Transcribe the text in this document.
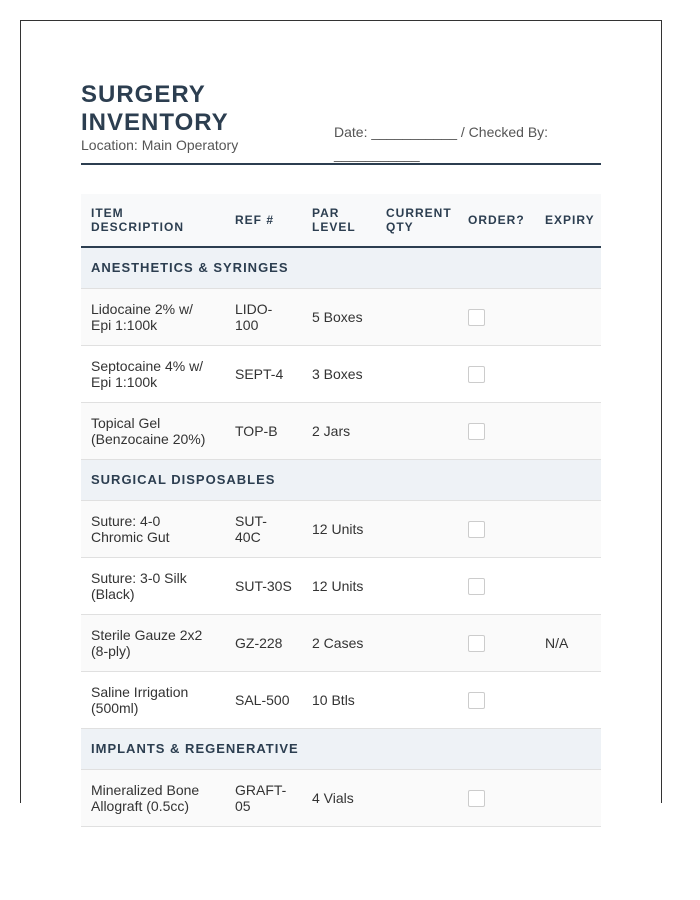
SURGERY INVENTORY
Location: Main Operatory
Date: ___________ / Checked By: ___________
ITEM DESCRIPTION	REF #	PAR LEVEL	CURRENT QTY	ORDER?	EXPIRY
ANESTHETICS & SYRINGES					
Lidocaine 2% w/ Epi 1:100k	LIDO-100	5 Boxes			
Septocaine 4% w/ Epi 1:100k	SEPT-4	3 Boxes			
Topical Gel (Benzocaine 20%)	TOP-B	2 Jars			
SURGICAL DISPOSABLES					
Suture: 4-0 Chromic Gut	SUT-40C	12 Units			
Suture: 3-0 Silk (Black)	SUT-30S	12 Units			
Sterile Gauze 2x2 (8-ply)	GZ-228	2 Cases			N/A
Saline Irrigation (500ml)	SAL-500	10 Btls			
IMPLANTS & REGENERATIVE					
Mineralized Bone Allograft (0.5cc)	GRAFT-05	4 Vials			
